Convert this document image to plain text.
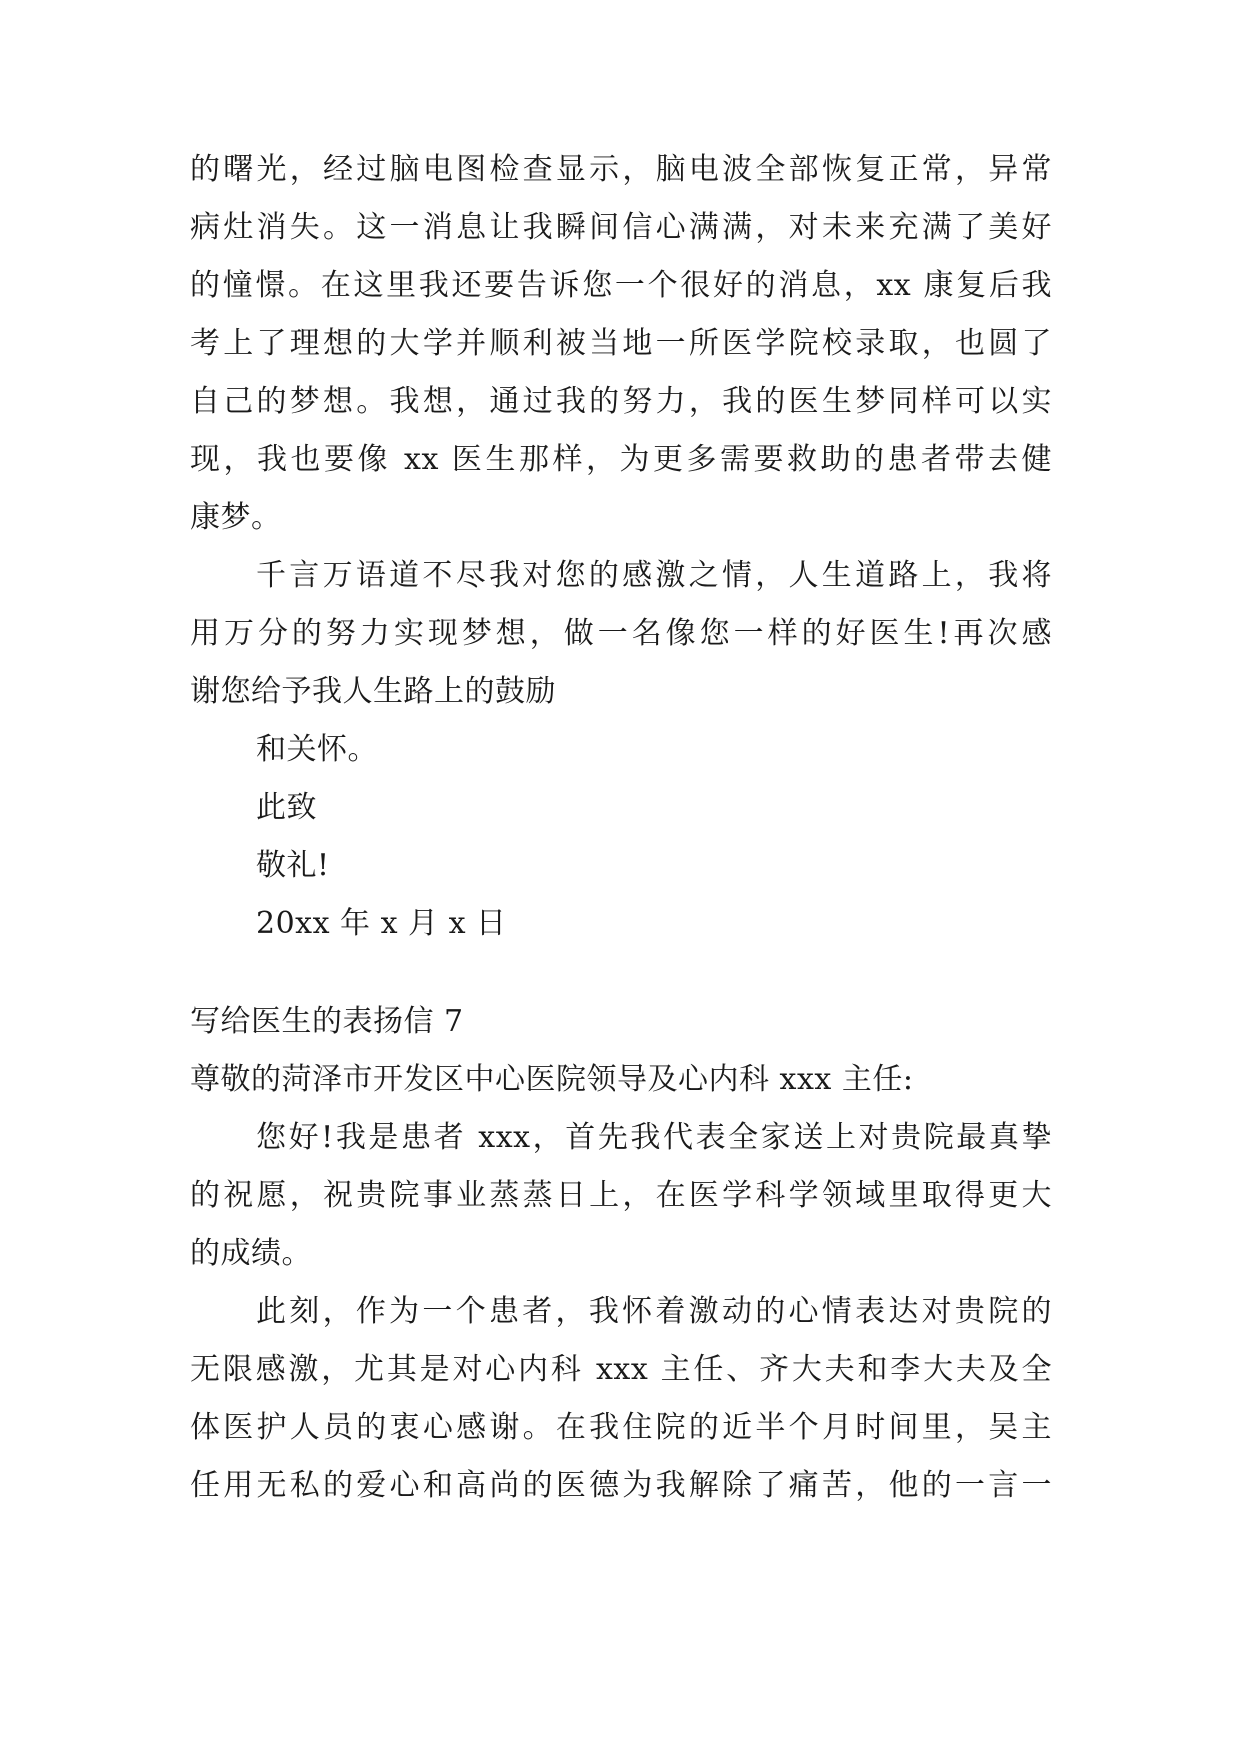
的曙光，经过脑电图检查显示，脑电波全部恢复正常，异常
病灶消失。这一消息让我瞬间信心满满，对未来充满了美好
的憧憬。在这里我还要告诉您一个很好的消息，xx 康复后我
考上了理想的大学并顺利被当地一所医学院校录取，也圆了
自己的梦想。我想，通过我的努力，我的医生梦同样可以实
现，我也要像 xx 医生那样，为更多需要救助的患者带去健
康梦。
千言万语道不尽我对您的感激之情，人生道路上，我将
用万分的努力实现梦想，做一名像您一样的好医生!再次感
谢您给予我人生路上的鼓励
和关怀。
此致
敬礼!
20xx 年 x 月 x 日
写给医生的表扬信 7
尊敬的菏泽市开发区中心医院领导及心内科 xxx 主任:
您好!我是患者 xxx，首先我代表全家送上对贵院最真挚
的祝愿，祝贵院事业蒸蒸日上，在医学科学领域里取得更大
的成绩。
此刻，作为一个患者，我怀着激动的心情表达对贵院的
无限感激，尤其是对心内科 xxx 主任、齐大夫和李大夫及全
体医护人员的衷心感谢。在我住院的近半个月时间里，吴主
任用无私的爱心和高尚的医德为我解除了痛苦，他的一言一
